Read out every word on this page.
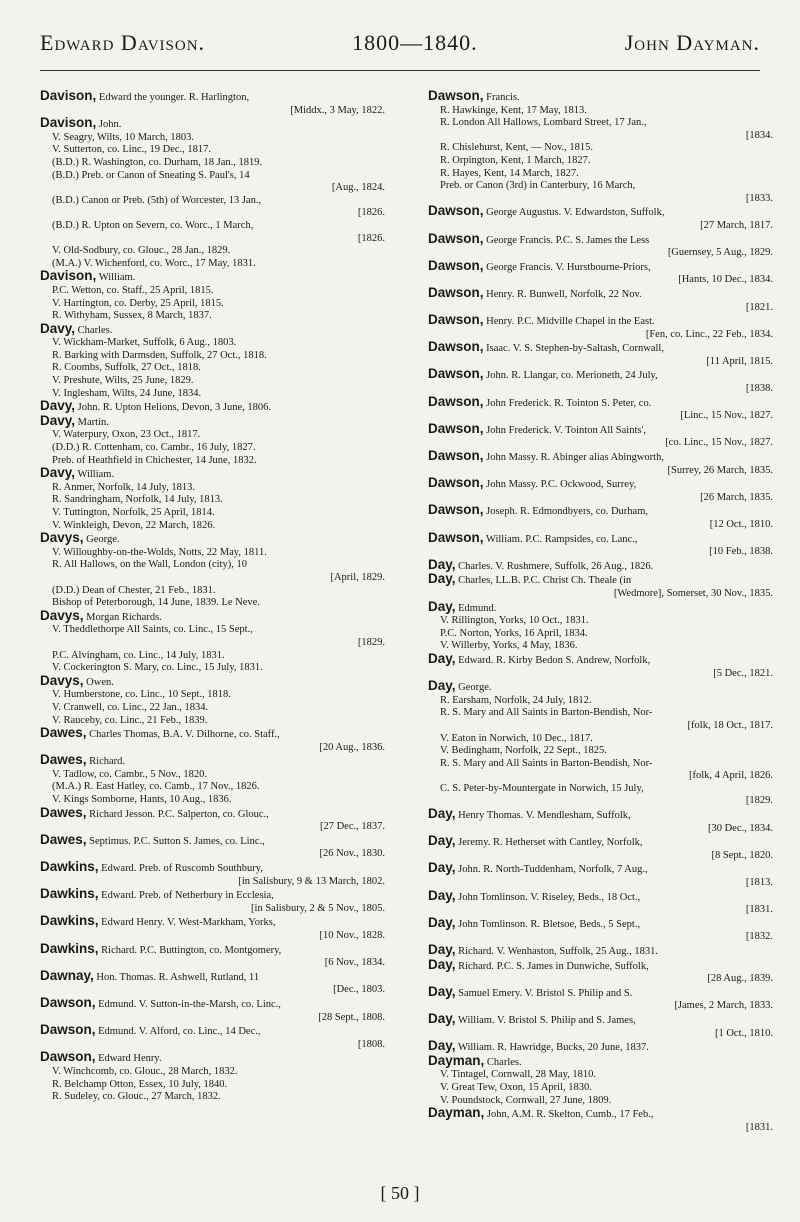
Edward Davison.	1800—1840.	John Dayman.
Davison, Edward the younger. R. Harlington,
[Middx., 3 May, 1822.
Davison, John.
V. Seagry, Wilts, 10 March, 1803.
V. Sutterton, co. Linc., 19 Dec., 1817.
(B.D.) R. Washington, co. Durham, 18 Jan., 1819.
(B.D.) Preb. or Canon of Sneating S. Paul's, 14
[Aug., 1824.
(B.D.) Canon or Preb. (5th) of Worcester, 13 Jan.,
[1826.
(B.D.) R. Upton on Severn, co. Worc., 1 March,
[1826.
V. Old-Sodbury, co. Glouc., 28 Jan., 1829.
(M.A.) V. Wichenford, co. Worc., 17 May, 1831.
Davison, William.
P.C. Wetton, co. Staff., 25 April, 1815.
V. Hartington, co. Derby, 25 April, 1815.
R. Withyham, Sussex, 8 March, 1837.
Davy, Charles.
V. Wickham-Market, Suffolk, 6 Aug., 1803.
R. Barking with Darmsden, Suffolk, 27 Oct., 1818.
R. Coombs, Suffolk, 27 Oct., 1818.
V. Preshute, Wilts, 25 June, 1829.
V. Inglesham, Wilts, 24 June, 1834.
Davy, John. R. Upton Helions, Devon, 3 June, 1806.
Davy, Martin.
V. Waterpury, Oxon, 23 Oct., 1817.
(D.D.) R. Cottenham, co. Cambr., 16 July, 1827.
Preb. of Heathfield in Chichester, 14 June, 1832.
Davy, William.
R. Anmer, Norfolk, 14 July, 1813.
R. Sandringham, Norfolk, 14 July, 1813.
V. Tuttington, Norfolk, 25 April, 1814.
V. Winkleigh, Devon, 22 March, 1826.
Davys, George.
V. Willoughby-on-the-Wolds, Notts, 22 May, 1811.
R. All Hallows, on the Wall, London (city), 10
[April, 1829.
(D.D.) Dean of Chester, 21 Feb., 1831.
Bishop of Peterborough, 14 June, 1839. Le Neve.
Davys, Morgan Richards.
V. Theddlethorpe All Saints, co. Linc., 15 Sept.,
[1829.
P.C. Alvingham, co. Linc., 14 July, 1831.
V. Cockerington S. Mary, co. Linc., 15 July, 1831.
Davys, Owen.
V. Humberstone, co. Linc., 10 Sept., 1818.
V. Cranwell, co. Linc., 22 Jan., 1834.
V. Rauceby, co. Linc., 21 Feb., 1839.
Dawes, Charles Thomas, B.A. V. Dilhorne, co. Staff.,
[20 Aug., 1836.
Dawes, Richard.
V. Tadlow, co. Cambr., 5 Nov., 1820.
(M.A.) R. East Hatley, co. Camb., 17 Nov., 1826.
V. Kings Somborne, Hants, 10 Aug., 1836.
Dawes, Richard Jesson. P.C. Salperton, co. Glouc.,
[27 Dec., 1837.
Dawes, Septimus. P.C. Sutton S. James, co. Linc.,
[26 Nov., 1830.
Dawkins, Edward. Preb. of Ruscomb Southbury,
[in Salisbury, 9 & 13 March, 1802.
Dawkins, Edward. Preb. of Netherbury in Ecclesia,
[in Salisbury, 2 & 5 Nov., 1805.
Dawkins, Edward Henry. V. West-Markham, Yorks,
[10 Nov., 1828.
Dawkins, Richard. P.C. Buttington, co. Montgomery,
[6 Nov., 1834.
Dawnay, Hon. Thomas. R. Ashwell, Rutland, 11
[Dec., 1803.
Dawson, Edmund. V. Sutton-in-the-Marsh, co. Linc.,
[28 Sept., 1808.
Dawson, Edmund. V. Alford, co. Linc., 14 Dec.,
[1808.
Dawson, Edward Henry.
V. Winchcomb, co. Glouc., 28 March, 1832.
R. Belchamp Otton, Essex, 10 July, 1840.
R. Sudeley, co. Glouc., 27 March, 1832.
Dawson, Francis.
R. Hawkinge, Kent, 17 May, 1813.
R. London All Hallows, Lombard Street, 17 Jan.,
[1834.
R. Chislehurst, Kent, — Nov., 1815.
R. Orpington, Kent, 1 March, 1827.
R. Hayes, Kent, 14 March, 1827.
Preb. or Canon (3rd) in Canterbury, 16 March,
[1833.
Dawson, George Augustus. V. Edwardston, Suffolk,
[27 March, 1817.
Dawson, George Francis. P.C. S. James the Less
[Guernsey, 5 Aug., 1829.
Dawson, George Francis. V. Hurstbourne-Priors,
[Hants, 10 Dec., 1834.
Dawson, Henry. R. Bunwell, Norfolk, 22 Nov.
[1821.
Dawson, Henry. P.C. Midville Chapel in the East.
[Fen, co. Linc., 22 Feb., 1834.
Dawson, Isaac. V. S. Stephen-by-Saltash, Cornwall,
[11 April, 1815.
Dawson, John. R. Llangar, co. Merioneth, 24 July,
[1838.
Dawson, John Frederick. R. Tointon S. Peter, co.
[Linc., 15 Nov., 1827.
Dawson, John Frederick. V. Tointon All Saints',
[co. Linc., 15 Nov., 1827.
Dawson, John Massy. R. Abinger alias Abingworth,
[Surrey, 26 March, 1835.
Dawson, John Massy. P.C. Ockwood, Surrey,
[26 March, 1835.
Dawson, Joseph. R. Edmondbyers, co. Durham,
[12 Oct., 1810.
Dawson, William. P.C. Rampsides, co. Lanc.,
[10 Feb., 1838.
Day, Charles. V. Rushmere, Suffolk, 26 Aug., 1826.
Day, Charles, LL.B. P.C. Christ Ch. Theale (in
[Wedmore], Somerset, 30 Nov., 1835.
Day, Edmund.
V. Rillington, Yorks, 10 Oct., 1831.
P.C. Norton, Yorks, 16 April, 1834.
V. Willerby, Yorks, 4 May, 1836.
Day, Edward. R. Kirby Bedon S. Andrew, Norfolk,
[5 Dec., 1821.
Day, George.
R. Earsham, Norfolk, 24 July, 1812.
R. S. Mary and All Saints in Barton-Bendish, Nor-
[folk, 18 Oct., 1817.
V. Eaton in Norwich, 10 Dec., 1817.
V. Bedingham, Norfolk, 22 Sept., 1825.
R. S. Mary and All Saints in Barton-Bendish, Nor-
[folk, 4 April, 1826.
C. S. Peter-by-Mountergate in Norwich, 15 July,
[1829.
Day, Henry Thomas. V. Mendlesham, Suffolk,
[30 Dec., 1834.
Day, Jeremy. R. Hetherset with Cantley, Norfolk,
[8 Sept., 1820.
Day, John. R. North-Tuddenham, Norfolk, 7 Aug.,
[1813.
Day, John Tomlinson. V. Riseley, Beds., 18 Oct.,
[1831.
Day, John Tomlinson. R. Bletsoe, Beds., 5 Sept.,
[1832.
Day, Richard. V. Wenhaston, Suffolk, 25 Aug., 1831.
Day, Richard. P.C. S. James in Dunwiche, Suffolk,
[28 Aug., 1839.
Day, Samuel Emery. V. Bristol S. Philip and S.
[James, 2 March, 1833.
Day, William. V. Bristol S. Philip and S. James,
[1 Oct., 1810.
Day, William. R. Hawridge, Bucks, 20 June, 1837.
Dayman, Charles.
V. Tintagel, Cornwall, 28 May, 1810.
V. Great Tew, Oxon, 15 April, 1830.
V. Poundstock, Cornwall, 27 June, 1809.
Dayman, John, A.M. R. Skelton, Cumb., 17 Feb.,
[1831.
[ 50 ]
